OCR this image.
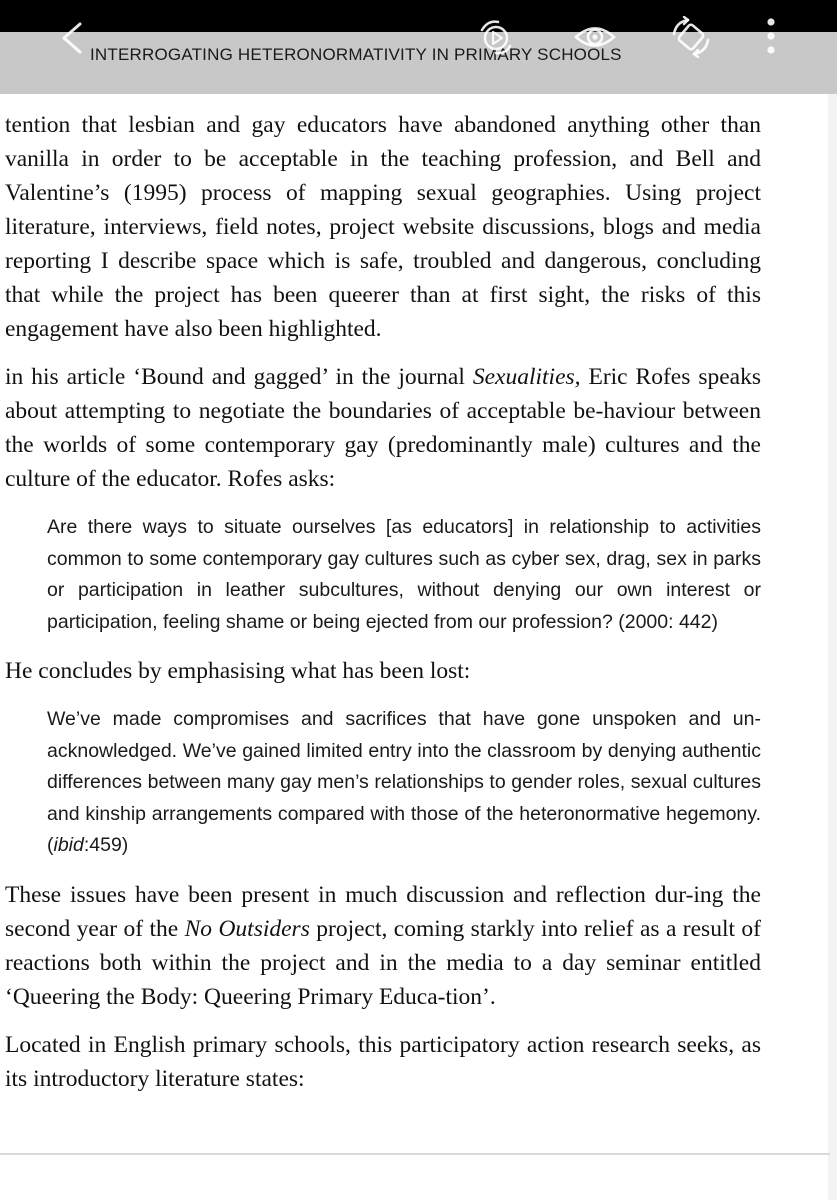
INTERROGATING HETERONORMATIVITY IN PRIMARY SCHOOLS

tention that lesbian and gay educators have abandoned anything other than vanilla in order to be acceptable in the teaching profession, and Bell and Valentine’s (1995) process of mapping sexual geographies. Using project literature, interviews, field notes, project website discussions, blogs and media reporting I describe space which is safe, troubled and dangerous, concluding that while the project has been queerer than at first sight, the risks of this engagement have also been highlighted.

in his article ‘Bound and gagged’ in the journal Sexualities, Eric Rofes speaks about attempting to negotiate the boundaries of acceptable be-haviour between the worlds of some contemporary gay (predominantly male) cultures and the culture of the educator. Rofes asks:

Are there ways to situate ourselves [as educators] in relationship to activities common to some contemporary gay cultures such as cyber sex, drag, sex in parks or participation in leather subcultures, without denying our own interest or participation, feeling shame or being ejected from our profession? (2000: 442)

He concludes by emphasising what has been lost:

We’ve made compromises and sacrifices that have gone unspoken and un-acknowledged. We’ve gained limited entry into the classroom by denying authentic differences between many gay men’s relationships to gender roles, sexual cultures and kinship arrangements compared with those of the heteronormative hegemony. (ibid:459)

These issues have been present in much discussion and reflection dur-ing the second year of the No Outsiders project, coming starkly into relief as a result of reactions both within the project and in the media to a day seminar entitled ‘Queering the Body: Queering Primary Educa-tion’.

Located in English primary schools, this participatory action research seeks, as its introductory literature states:
